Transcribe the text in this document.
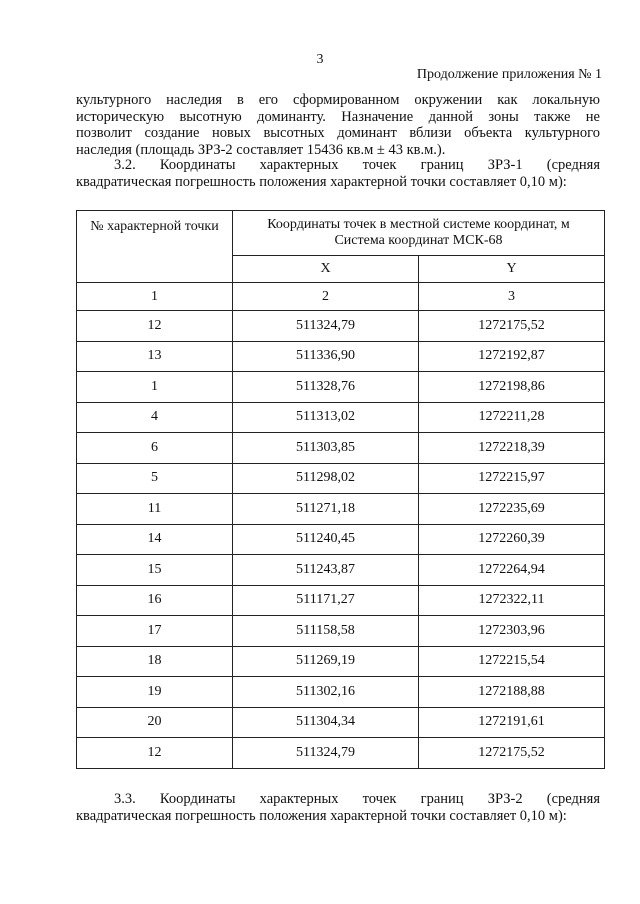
3
Продолжение приложения № 1
культурного наследия в его сформированном окружении как локальную
историческую высотную доминанту. Назначение данной зоны также не
позволит создание новых высотных доминант вблизи объекта культурного
наследия (площадь ЗРЗ-2 составляет 15436 кв.м ± 43 кв.м.).
3.2. Координаты характерных точек границ ЗРЗ-1 (средняя
квадратическая погрешность положения характерной точки составляет 0,10 м):
№ характерной точки	Координаты точек в местной системе координат, м
Система координат МСК-68	
	X	Y
1	2	3
12	511324,79	1272175,52
13	511336,90	1272192,87
1	511328,76	1272198,86
4	511313,02	1272211,28
6	511303,85	1272218,39
5	511298,02	1272215,97
11	511271,18	1272235,69
14	511240,45	1272260,39
15	511243,87	1272264,94
16	511171,27	1272322,11
17	511158,58	1272303,96
18	511269,19	1272215,54
19	511302,16	1272188,88
20	511304,34	1272191,61
12	511324,79	1272175,52
3.3. Координаты характерных точек границ ЗРЗ-2 (средняя
квадратическая погрешность положения характерной точки составляет 0,10 м):
